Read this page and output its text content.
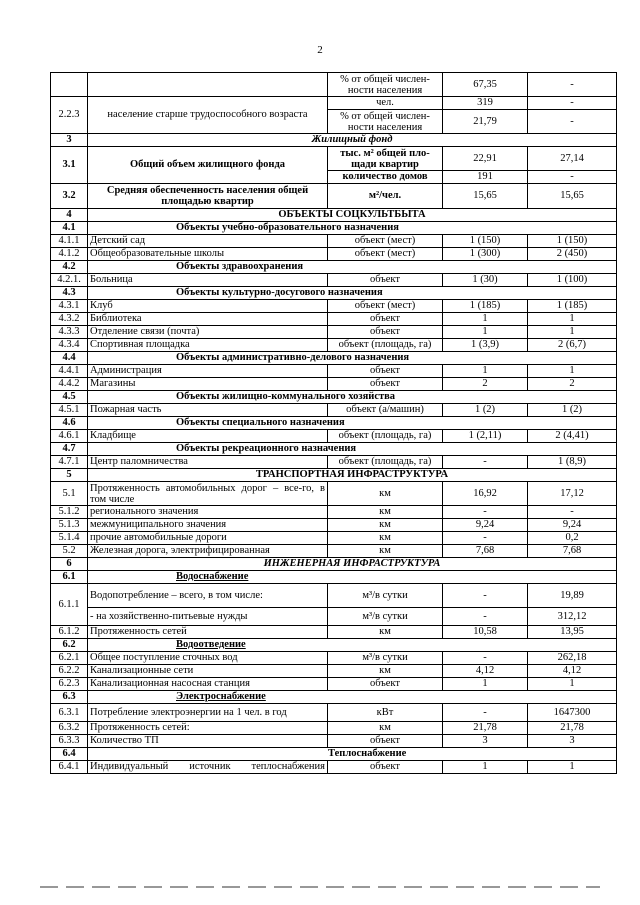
2
		% от общей числен-ности населения	67,35	-
2.2.3	население старше трудоспособного возраста	чел.	319	-
		% от общей числен-ности населения	21,79	-
3	Жилищный фонд			
3.1	Общий объем жилищного фонда	тыс. м² общей пло-щади квартир	22,91	27,14
		количество домов	191	-
3.2	Средняя обеспеченность населения общей площадью квартир	м²/чел.	15,65	15,65
4	ОБЪЕКТЫ СОЦКУЛЬТБЫТА			
4.1	Объекты учебно-образовательного назначения			
4.1.1	Детский сад	объект (мест)	1 (150)	1 (150)
4.1.2	Общеобразовательные школы	объект (мест)	1 (300)	2 (450)
4.2	Объекты здравоохранения			
4.2.1.	Больница	объект	1 (30)	1 (100)
4.3	Объекты культурно-досугового назначения			
4.3.1	Клуб	объект (мест)	1 (185)	1 (185)
4.3.2	Библиотека	объект	1	1
4.3.3	Отделение связи (почта)	объект	1	1
4.3.4	Спортивная площадка	объект (площадь, га)	1 (3,9)	2 (6,7)
4.4	Объекты административно-делового назначения			
4.4.1	Администрация	объект	1	1
4.4.2	Магазины	объект	2	2
4.5	Объекты жилищно-коммунального хозяйства			
4.5.1	Пожарная часть	объект (а/машин)	1 (2)	1 (2)
4.6	Объекты специального назначения			
4.6.1	Кладбище	объект (площадь, га)	1 (2,11)	2 (4,41)
4.7	Объекты рекреационного назначения			
4.7.1	Центр паломничества	объект (площадь, га)	-	1 (8,9)
5	ТРАНСПОРТНАЯ ИНФРАСТРУКТУРА			
5.1	Протяженность автомобильных дорог – все-го, в том числе	км	16,92	17,12
5.1.2	регионального значения	км	-	-
5.1.3	межмуниципального значения	км	9,24	9,24
5.1.4	прочие автомобильные дороги	км	-	0,2
5.2	Железная дорога, электрифицированная	км	7,68	7,68
6	ИНЖЕНЕРНАЯ ИНФРАСТРУКТУРА			
6.1	Водоснабжение			
6.1.1	Водопотребление – всего, в том числе:	м³/в сутки	-	19,89
	- на хозяйственно-питьевые нужды	м³/в сутки	-	312,12
6.1.2	Протяженность сетей	км	10,58	13,95
6.2	Водоотведение			
6.2.1	Общее поступление сточных вод	м³/в сутки	-	262,18
6.2.2	Канализационные сети	км	4,12	4,12
6.2.3	Канализационная насосная станция	объект	1	1
6.3	Электроснабжение			
6.3.1	Потребление электроэнергии на 1 чел. в год	кВт	-	1647300
6.3.2	Протяженность сетей:	км	21,78	21,78
6.3.3	Количество ТП	объект	3	3
6.4	Теплоснабжение			
6.4.1	Индивидуальный источник теплоснабжения	объект	1	1
